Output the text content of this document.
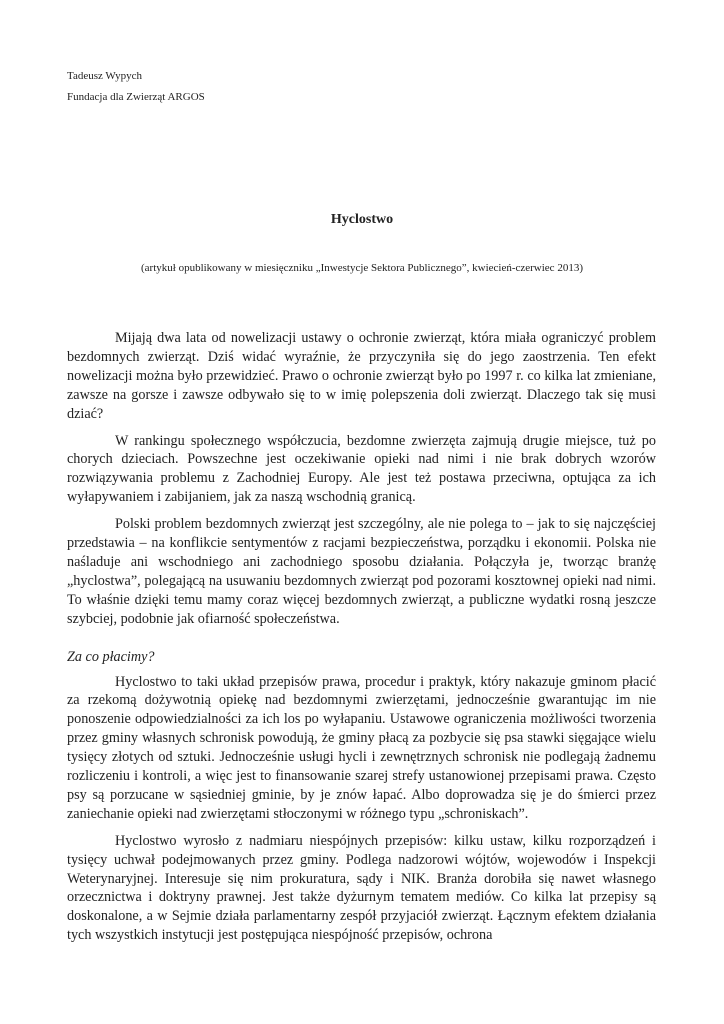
Tadeusz Wypych
Fundacja dla Zwierząt ARGOS
Hyclostwo
(artykuł opublikowany w miesięczniku „Inwestycje Sektora Publicznego”, kwiecień-czerwiec 2013)

Mijają dwa lata od nowelizacji ustawy o ochronie zwierząt, która miała ograniczyć problem bezdomnych zwierząt. Dziś widać wyraźnie, że przyczyniła się do jego zaostrzenia. Ten efekt nowelizacji można było przewidzieć. Prawo o ochronie zwierząt było po 1997 r. co kilka lat zmieniane, zawsze na gorsze i zawsze odbywało się to w imię polepszenia doli zwierząt. Dlaczego tak się musi dziać?

W rankingu społecznego współczucia, bezdomne zwierzęta zajmują drugie miejsce, tuż po chorych dzieciach. Powszechne jest oczekiwanie opieki nad nimi i nie brak dobrych wzorów rozwiązywania problemu z Zachodniej Europy. Ale jest też postawa przeciwna, optująca za ich wyłapywaniem i zabijaniem, jak za naszą wschodnią granicą.

Polski problem bezdomnych zwierząt jest szczególny, ale nie polega to – jak to się najczęściej przedstawia – na konflikcie sentymentów z racjami bezpieczeństwa, porządku i ekonomii. Polska nie naśladuje ani wschodniego ani zachodniego sposobu działania. Połączyła je, tworząc branżę „hyclostwa”, polegającą na usuwaniu bezdomnych zwierząt pod pozorami kosztownej opieki nad nimi. To właśnie dzięki temu mamy coraz więcej bezdomnych zwierząt, a publiczne wydatki rosną jeszcze szybciej, podobnie jak ofiarność społeczeństwa.

Za co płacimy?

Hyclostwo to taki układ przepisów prawa, procedur i praktyk, który nakazuje gminom płacić za rzekomą dożywotnią opiekę nad bezdomnymi zwierzętami, jednocześnie gwarantując im nie ponoszenie odpowiedzialności za ich los po wyłapaniu. Ustawowe ograniczenia możliwości tworzenia przez gminy własnych schronisk powodują, że gminy płacą za pozbycie się psa stawki sięgające wielu tysięcy złotych od sztuki. Jednocześnie usługi hycli i zewnętrznych schronisk nie podlegają żadnemu rozliczeniu i kontroli, a więc jest to finansowanie szarej strefy ustanowionej przepisami prawa. Często psy są porzucane w sąsiedniej gminie, by je znów łapać. Albo doprowadza się je do śmierci przez zaniechanie opieki nad zwierzętami stłoczonymi w różnego typu „schroniskach”.

Hyclostwo wyrosło z nadmiaru niespójnych przepisów: kilku ustaw, kilku rozporządzeń i tysięcy uchwał podejmowanych przez gminy. Podlega nadzorowi wójtów, wojewodów i Inspekcji Weterynaryjnej. Interesuje się nim prokuratura, sądy i NIK. Branża dorobiła się nawet własnego orzecznictwa i doktryny prawnej. Jest także dyżurnym tematem mediów. Co kilka lat przepisy są doskonalone, a w Sejmie działa parlamentarny zespół przyjaciół zwierząt. Łącznym efektem działania tych wszystkich instytucji jest postępująca niespójność przepisów, ochrona
